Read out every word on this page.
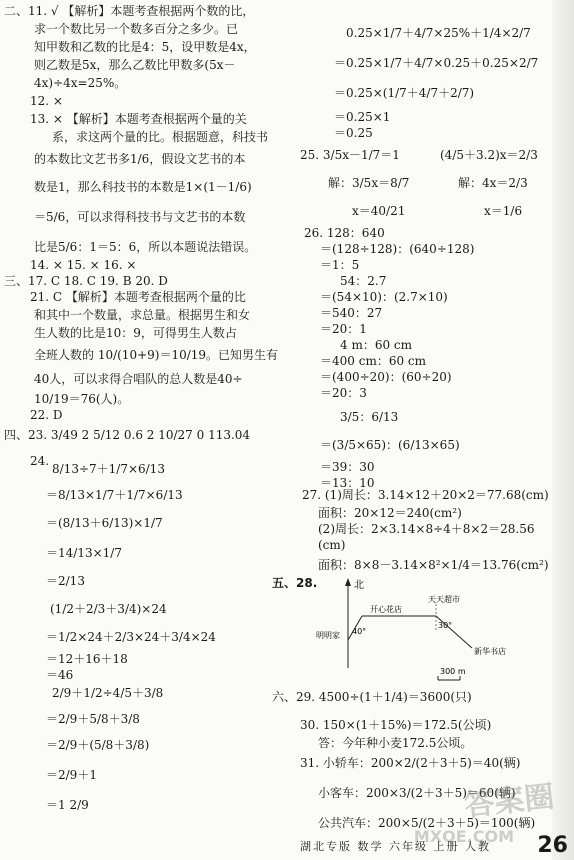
二、11. √ 【解析】本题考查根据两个数的比，
求一个数比另一个数多百分之多少。已
知甲数和乙数的比是4：5，设甲数是4x，
则乙数是5x，那么乙数比甲数多(5x－
4x)÷4x=25%。
12. ×
13. × 【解析】本题考查根据两个量的关
系，求这两个量的比。根据题意，科技书
的本数比文艺书多1/6，假设文艺书的本
数是1，那么科技书的本数是1×(1－1/6)
＝5/6，可以求得科技书与文艺书的本数
比是5/6：1＝5：6，所以本题说法错误。
14. × 15. × 16. ×
三、17. C 18. C 19. B 20. D
21. C 【解析】本题考查根据两个量的比
和其中一个数量，求总量。根据男生和女
生人数的比是10：9，可得男生人数占
全班人数的 10/(10+9)＝10/19。已知男生有
40人，可以求得合唱队的总人数是40÷
10/19＝76(人)。
22. D
四、23. 3/49 2 5/12 0.6 2 10/27 0 113.04
24.
8/13÷7＋1/7×6/13
＝8/13×1/7＋1/7×6/13
＝(8/13＋6/13)×1/7
＝14/13×1/7
＝2/13
(1/2＋2/3＋3/4)×24
＝1/2×24＋2/3×24＋3/4×24
＝12＋16＋18
＝46
2/9＋1/2÷4/5＋3/8
＝2/9＋5/8＋3/8
＝2/9＋(5/8＋3/8)
＝2/9＋1
＝1 2/9
0.25×1/7＋4/7×25%＋1/4×2/7
＝0.25×1/7＋4/7×0.25＋0.25×2/7
＝0.25×(1/7＋4/7＋2/7)
＝0.25×1
＝0.25
25. 3/5x－1/7＝1	(4/5＋3.2)x＝2/3
解：3/5x＝8/7	解：4x＝2/3
x＝40/21	x＝1/6
26. 128：640
＝(128÷128)：(640÷128)
＝1：5
54：2.7
＝(54×10)：(2.7×10)
＝540：27
＝20：1
4 m：60 cm
＝400 cm：60 cm
＝(400÷20)：(60÷20)
＝20：3
3/5：6/13
＝(3/5×65)：(6/13×65)
＝39：30
＝13：10
27. (1)周长：3.14×12＋20×2＝77.68(cm)
面积：20×12＝240(cm²)
(2)周长：2×3.14×8÷4＋8×2＝28.56
(cm)
面积：8×8－3.14×8²×1/4＝13.76(cm²)
六、29. 4500÷(1＋1/4)＝3600(只)
30. 150×(1＋15%)＝172.5(公顷)
答：今年种小麦172.5公顷。
31. 小轿车：200×2/(2＋3＋5)＝40(辆)
小客车：200×3/(2＋3＋5)＝60(辆)
公共汽车：200×5/(2＋3＋5)＝100(辆)
五、28.	北
开心花店
天天超市
明明家
新华书店
40°
30°
300 m
答案圈
MXQE.COM
湖北专版 数学 六年级 上册 人教 26
